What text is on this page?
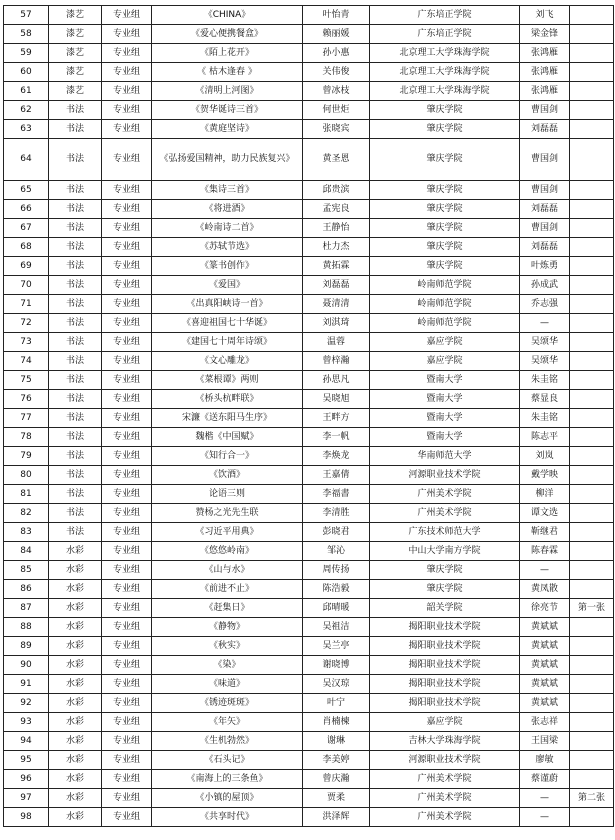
57	漆艺	专业组	《CHINA》	叶怡青	广东培正学院	刘飞	
58	漆艺	专业组	《爱心便携餐盒》	赖丽媛	广东培正学院	梁金锋	
59	漆艺	专业组	《陌上花开》	孙小惠	北京理工大学珠海学院	张鸿雁	
60	漆艺	专业组	《 枯木逢春 》	关伟俊	北京理工大学珠海学院	张鸿雁	
61	漆艺	专业组	《清明上河图》	曾冰枝	北京理工大学珠海学院	张鸿雁	
62	书法	专业组	《贺华诞诗三首》	何世炬	肇庆学院	曹国剑	
63	书法	专业组	《黄庭坚诗》	张晓宾	肇庆学院	刘磊磊	
64	书法	专业组	《弘扬爱国精神，助力民族复兴》	黄圣恩	肇庆学院	曹国剑	
65	书法	专业组	《集诗三首》	邱贵滨	肇庆学院	曹国剑	
66	书法	专业组	《将进酒》	孟宪良	肇庆学院	刘磊磊	
67	书法	专业组	《岭南诗二首》	王静怡	肇庆学院	曹国剑	
68	书法	专业组	《苏轼节选》	杜力杰	肇庆学院	刘磊磊	
69	书法	专业组	《篆书创作》	黄拓霖	肇庆学院	叶炼勇	
70	书法	专业组	《爱国》	刘磊磊	岭南师范学院	孙成武	
71	书法	专业组	《出真阳峡诗一首》	聂清清	岭南师范学院	乔志强	
72	书法	专业组	《喜迎祖国七十华诞》	刘淇琦	岭南师范学院	—	
73	书法	专业组	《建国七十周年诗颂》	温蓉	嘉应学院	吴颂华	
74	书法	专业组	《文心雕龙》	曾梓瀚	嘉应学院	吴颂华	
75	书法	专业组	《菜根谭》两则	孙思凡	暨南大学	朱圭铭	
76	书法	专业组	《桥头杭畔联》	吴晓旭	暨南大学	蔡显良	
77	书法	专业组	宋濂《送东阳马生序》	王畔方	暨南大学	朱圭铭	
78	书法	专业组	魏楷《中国赋》	李一帆	暨南大学	陈志平	
79	书法	专业组	《知行合一》	李焕龙	华南师范大学	刘岚	
80	书法	专业组	《饮酒》	王嘉倩	河源职业技术学院	戴学映	
81	书法	专业组	论语三则	李福書	广州美术学院	柳洋	
82	书法	专业组	赞杨之光先生联	李清胜	广州美术学院	谭文选	
83	书法	专业组	《习近平用典》	彭晓君	广东技术师范大学	靳继君	
84	水彩	专业组	《悠悠岭南》	邹沁	中山大学南方学院	陈春霖	
85	水彩	专业组	《山与水》	周传扬	肇庆学院	—	
86	水彩	专业组	《前进不止》	陈浩毅	肇庆学院	黄凤散	
87	水彩	专业组	《赶集日》	邱晴暖	韶关学院	徐亮节	第一张
88	水彩	专业组	《静物》	吴祖洁	揭阳职业技术学院	黄斌斌	
89	水彩	专业组	《秋实》	吴兰亭	揭阳职业技术学院	黄斌斌	
90	水彩	专业组	《染》	谢晓博	揭阳职业技术学院	黄斌斌	
91	水彩	专业组	《味道》	吴汉琼	揭阳职业技术学院	黄斌斌	
92	水彩	专业组	《锈迹斑斑》	叶宁	揭阳职业技术学院	黄斌斌	
93	水彩	专业组	《年矢》	肖楠楝	嘉应学院	张志祥	
94	水彩	专业组	《生机勃然》	谢琳	吉林大学珠海学院	王国梁	
95	水彩	专业组	《石头记》	李美婷	河源职业技术学院	廖敏	
96	水彩	专业组	《南海上的三条鱼》	曾庆瀚	广州美术学院	蔡谨蔚	
97	水彩	专业组	《小镇的屋顶》	贾柔	广州美术学院	—	第二张
98	水彩	专业组	《共享时代》	洪泽辉	广州美术学院	—	
